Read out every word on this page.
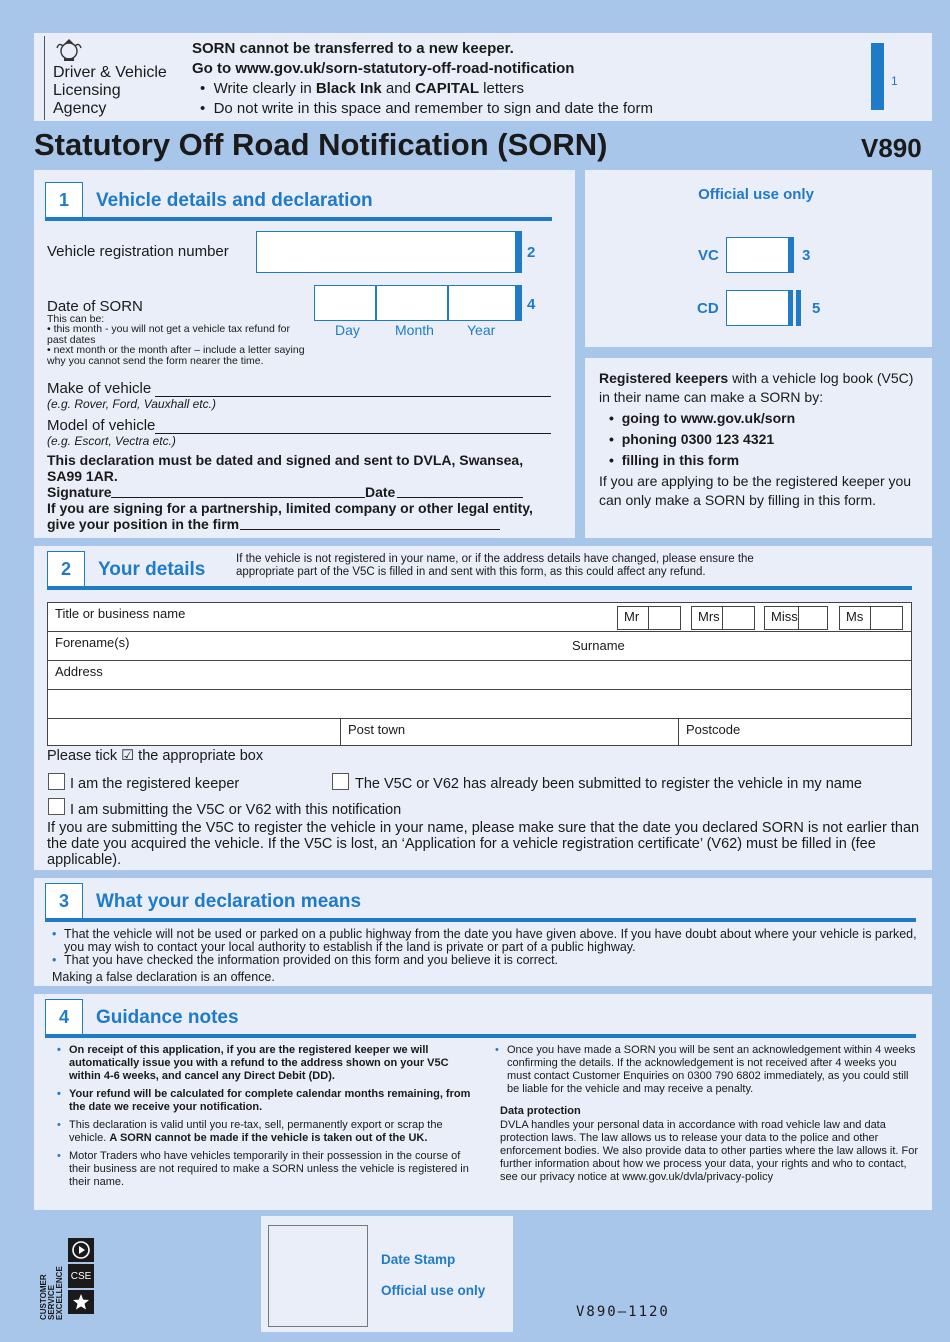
Driver & Vehicle
Licensing
Agency
SORN cannot be transferred to a new keeper.
Go to www.gov.uk/sorn-statutory-off-road-notification
•  Write clearly in Black Ink and CAPITAL letters
•  Do not write in this space and remember to sign and date the form
1
Statutory Off Road Notification (SORN)	V890
1	Vehicle details and declaration
Vehicle registration number	2
Date of SORN
This can be:
• this month - you will not get a vehicle tax refund for past dates
• next month or the month after – include a letter saying why you cannot send the form nearer the time.
4
Day	Month Year
Make of vehicle
(e.g. Rover, Ford, Vauxhall etc.)
Model of vehicle
(e.g. Escort, Vectra etc.)
This declaration must be dated and signed and sent to DVLA, Swansea, SA99 1AR.
Signature	Date
If you are signing for a partnership, limited company or other legal entity, give your position in the firm
Official use only
VC	3
CD	5
Registered keepers with a vehicle log book (V5C) in their name can make a SORN by:
•  going to www.gov.uk/sorn
•  phoning 0300 123 4321
•  filling in this form
If you are applying to be the registered keeper you can only make a SORN by filling in this form.
2	Your details	If the vehicle is not registered in your name, or if the address details have changed, please ensure the appropriate part of the V5C is filled in and sent with this form, as this could affect any refund.
Title or business name	Mr	Mrs	Miss	Ms
Forename(s)	Surname
Address
Post town	Postcode
Please tick ☑ the appropriate box
I am the registered keeper	The V5C or V62 has already been submitted to register the vehicle in my name
I am submitting the V5C or V62 with this notification
If you are submitting the V5C to register the vehicle in your name, please make sure that the date you declared SORN is not earlier than the date you acquired the vehicle. If the V5C is lost, an ‘Application for a vehicle registration certificate’ (V62) must be filled in (fee applicable).
3	What your declaration means
• That the vehicle will not be used or parked on a public highway from the date you have given above. If you have doubt about where your vehicle is parked, you may wish to contact your local authority to establish if the land is private or part of a public highway.
• That you have checked the information provided on this form and you believe it is correct.
Making a false declaration is an offence.
4	Guidance notes
• On receipt of this application, if you are the registered keeper we will automatically issue you with a refund to the address shown on your V5C within 4-6 weeks, and cancel any Direct Debit (DD).
• Your refund will be calculated for complete calendar months remaining, from the date we receive your notification.
• This declaration is valid until you re-tax, sell, permanently export or scrap the vehicle. A SORN cannot be made if the vehicle is taken out of the UK.
• Motor Traders who have vehicles temporarily in their possession in the course of their business are not required to make a SORN unless the vehicle is registered in their name.
• Once you have made a SORN you will be sent an acknowledgement within 4 weeks confirming the details. If the acknowledgement is not received after 4 weeks you must contact Customer Enquiries on 0300 790 6802 immediately, as you could still be liable for the vehicle and may receive a penalty.
Data protection
DVLA handles your personal data in accordance with road vehicle law and data protection laws. The law allows us to release your data to the police and other enforcement bodies. We also provide data to other parties where the law allows it. For further information about how we process your data, your rights and who to contact, see our privacy notice at www.gov.uk/dvla/privacy-policy
CUSTOMER SERVICE EXCELLENCE CSE
Date Stamp
Official use only
V890–1120
